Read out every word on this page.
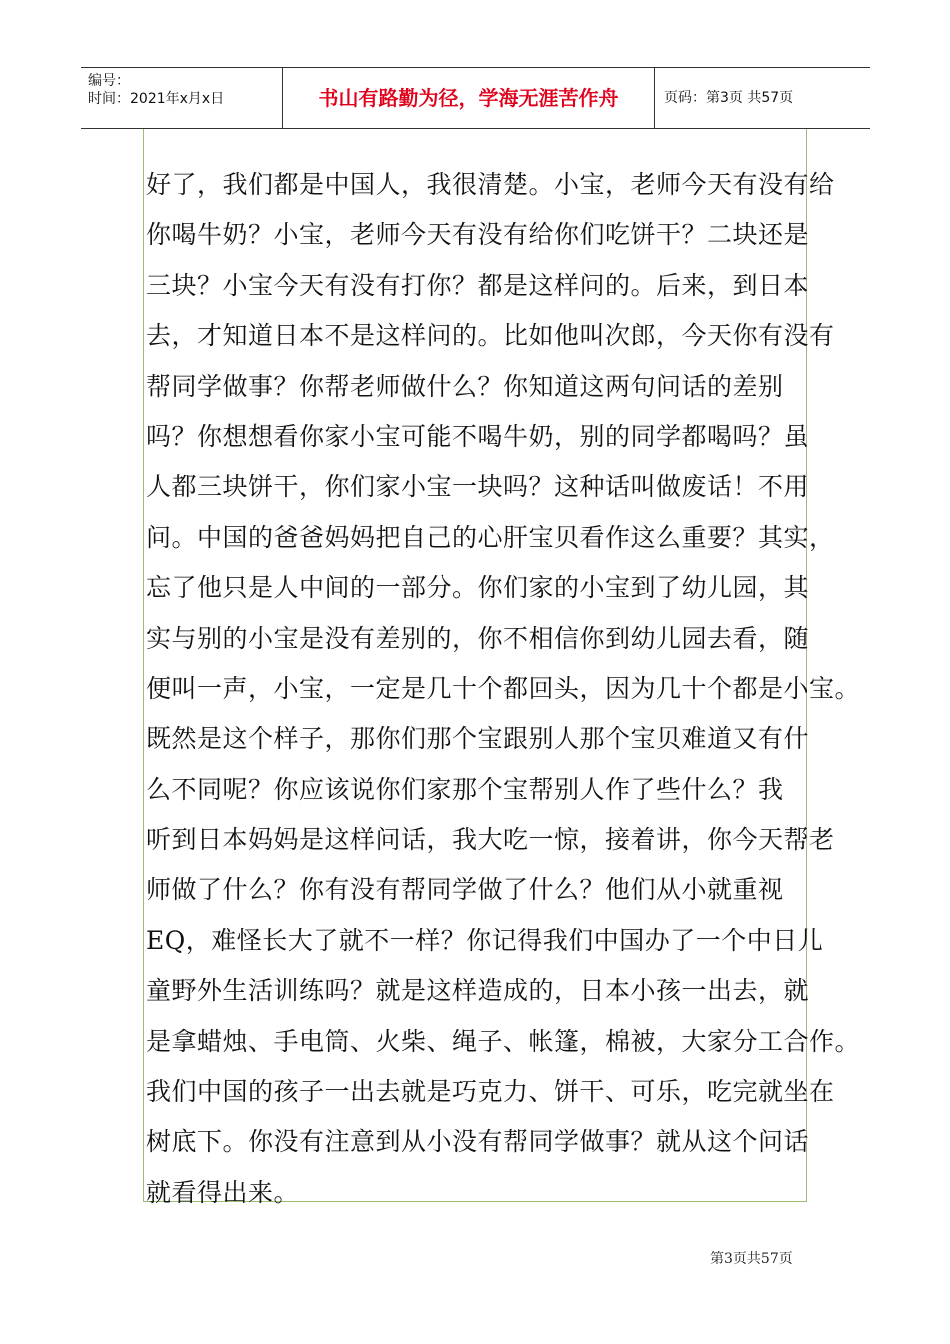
编号：
时间：2021年x月x日	书山有路勤为径，学海无涯苦作舟	页码：第3页 共57页
好了，我们都是中国人，我很清楚。小宝，老师今天有没有给
你喝牛奶？小宝，老师今天有没有给你们吃饼干？二块还是
三块？小宝今天有没有打你？都是这样问的。后来，到日本
去，才知道日本不是这样问的。比如他叫次郎，今天你有没有
帮同学做事？你帮老师做什么？你知道这两句问话的差别
吗？你想想看你家小宝可能不喝牛奶，别的同学都喝吗？虽
人都三块饼干，你们家小宝一块吗？这种话叫做废话！不用
问。中国的爸爸妈妈把自己的心肝宝贝看作这么重要？其实，
忘了他只是人中间的一部分。你们家的小宝到了幼儿园，其
实与别的小宝是没有差别的，你不相信你到幼儿园去看，随
便叫一声，小宝，一定是几十个都回头，因为几十个都是小宝。
既然是这个样子，那你们那个宝跟别人那个宝贝难道又有什
么不同呢？你应该说你们家那个宝帮别人作了些什么？我
听到日本妈妈是这样问话，我大吃一惊，接着讲，你今天帮老
师做了什么？你有没有帮同学做了什么？他们从小就重视
EQ，难怪长大了就不一样？你记得我们中国办了一个中日儿
童野外生活训练吗？就是这样造成的，日本小孩一出去，就
是拿蜡烛、手电筒、火柴、绳子、帐篷，棉被，大家分工合作。
我们中国的孩子一出去就是巧克力、饼干、可乐，吃完就坐在
树底下。你没有注意到从小没有帮同学做事？就从这个问话
就看得出来。
第3页共57页
